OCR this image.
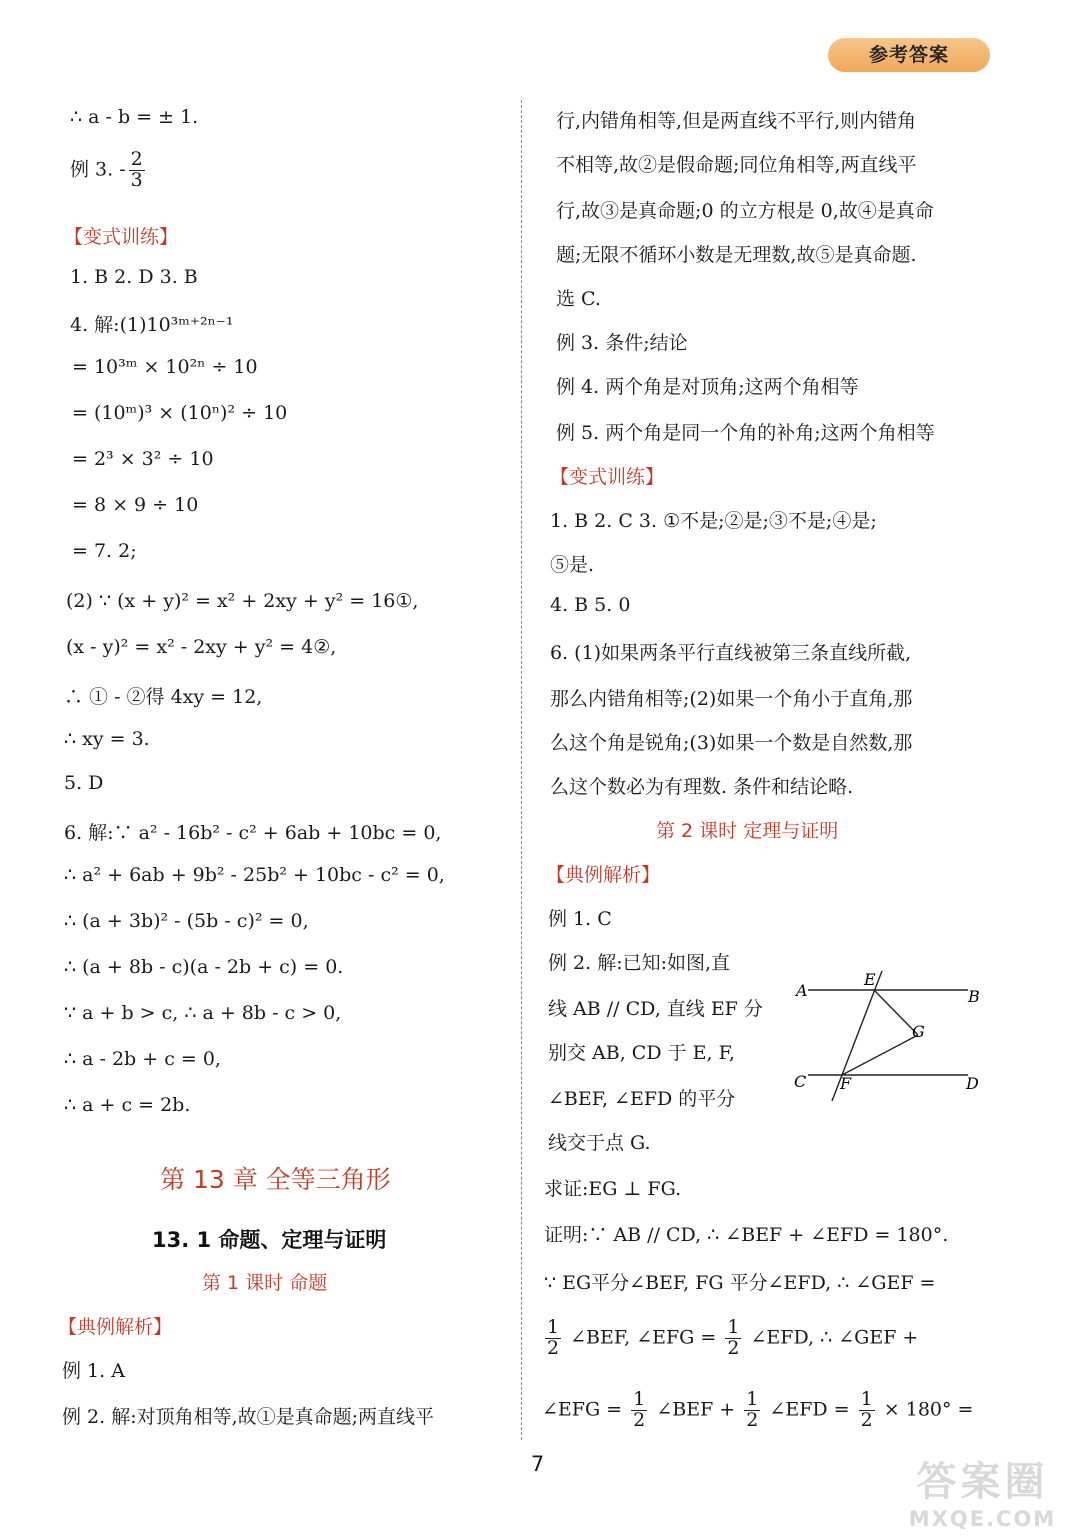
参考答案
∴ a - b = ± 1.
例 3. - $\frac{2}{3}$
【变式训练】
1. B 2. D 3. B
4. 解:(1)10³ᵐ⁺²ⁿ⁻¹
= 10³ᵐ × 10²ⁿ ÷ 10
= (10ᵐ)³ × (10ⁿ)² ÷ 10
= 2³ × 3² ÷ 10
= 8 × 9 ÷ 10
= 7. 2;
(2) ∵ (x + y)² = x² + 2xy + y² = 16①,
(x - y)² = x² - 2xy + y² = 4②,
∴ ① - ②得 4xy = 12,
∴ xy = 3.
5. D
6. 解:∵ a² - 16b² - c² + 6ab + 10bc = 0,
∴ a² + 6ab + 9b² - 25b² + 10bc - c² = 0,
∴ (a + 3b)² - (5b - c)² = 0,
∴ (a + 8b - c)(a - 2b + c) = 0.
∵ a + b > c, ∴ a + 8b - c > 0,
∴ a - 2b + c = 0,
∴ a + c = 2b.
第 13 章 全等三角形
13. 1 命题、定理与证明
第 1 课时 命题
【典例解析】
例 1. A
例 2. 解:对顶角相等,故①是真命题;两直线平
行,内错角相等,但是两直线不平行,则内错角
不相等,故②是假命题;同位角相等,两直线平
行,故③是真命题;0 的立方根是 0,故④是真命
题;无限不循环小数是无理数,故⑤是真命题.
选 C.
例 3. 条件;结论
例 4. 两个角是对顶角;这两个角相等
例 5. 两个角是同一个角的补角;这两个角相等
【变式训练】
1. B 2. C 3. ①不是;②是;③不是;④是;
⑤是.
4. B 5. 0
6. (1)如果两条平行直线被第三条直线所截,
那么内错角相等;(2)如果一个角小于直角,那
么这个角是锐角;(3)如果一个数是自然数,那
么这个数必为有理数. 条件和结论略.
第 2 课时 定理与证明
【典例解析】
例 1. C
例 2. 解:已知:如图,直
线 AB // CD, 直线 EF 分
别交 AB, CD 于 E, F,
∠BEF, ∠EFD 的平分
线交于点 G.
求证:EG ⊥ FG.
证明:∵ AB // CD, ∴ ∠BEF + ∠EFD = 180°.
∵ EG平分∠BEF, FG 平分∠EFD, ∴ ∠GEF =
$\frac{1}{2}$ ∠BEF, ∠EFG = $\frac{1}{2}$ ∠EFD, ∴ ∠GEF +
∠EFG = $\frac{1}{2}$ ∠BEF + $\frac{1}{2}$ ∠EFD = $\frac{1}{2} \times 180^\circ$ =
A	B
C	D
E
F
G
7	答案圈
MXQE.COM
